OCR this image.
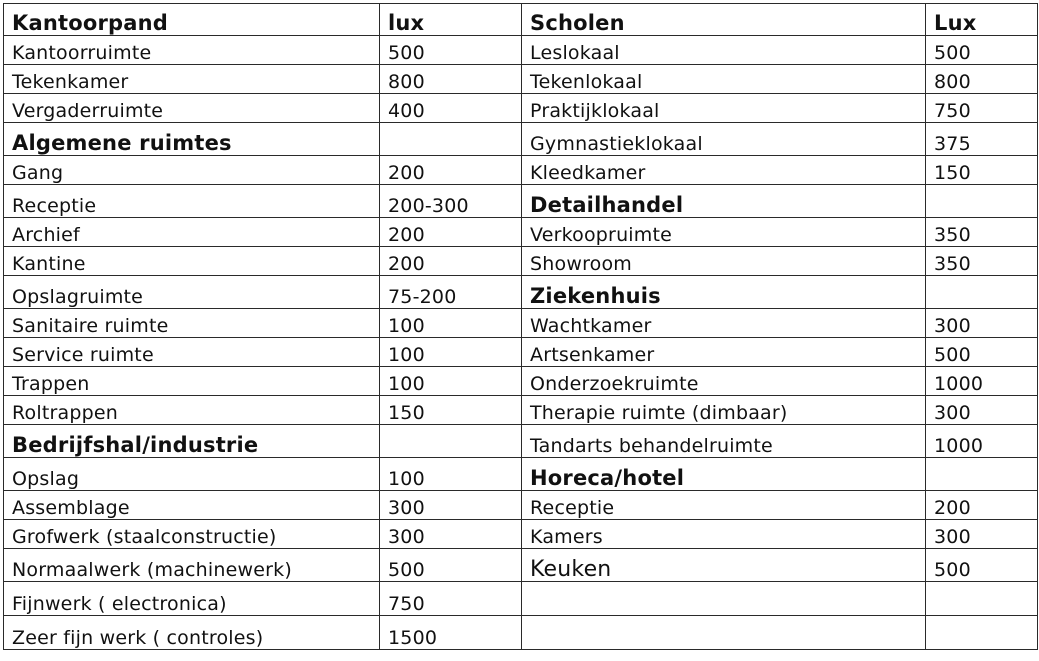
Kantoorpand	lux	Scholen	Lux
Kantoorruimte	500	Leslokaal	500
Tekenkamer	800	Tekenlokaal	800
Vergaderruimte	400	Praktijklokaal	750
Algemene ruimtes		Gymnastieklokaal	375
Gang	200	Kleedkamer	150
Receptie	200-300	Detailhandel	
Archief	200	Verkoopruimte	350
Kantine	200	Showroom	350
Opslagruimte	75-200	Ziekenhuis	
Sanitaire ruimte	100	Wachtkamer	300
Service ruimte	100	Artsenkamer	500
Trappen	100	Onderzoekruimte	1000
Roltrappen	150	Therapie ruimte (dimbaar)	300
Bedrijfshal/industrie		Tandarts behandelruimte	1000
Opslag	100	Horeca/hotel	
Assemblage	300	Receptie	200
Grofwerk (staalconstructie)	300	Kamers	300
Normaalwerk (machinewerk)	500	Keuken	500
Fijnwerk ( electronica)	750		
Zeer fijn werk ( controles)	1500		
